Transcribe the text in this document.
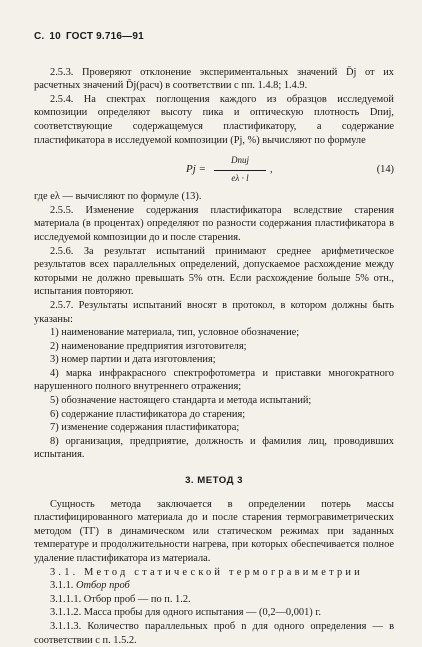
С. 10 ГОСТ 9.716—91

2.5.3. Проверяют отклонение экспериментальных значений D̄j от их расчетных значений D̄j(расч) в соответствии с пп. 1.4.8; 1.4.9.

2.5.4. На спектрах поглощения каждого из образцов исследуемой композиции определяют высоту пика и оптическую плотность Dпиj, соответствующие содержащемуся пластификатору, а содержание пластификатора в исследуемой композиции (Pj, %) вычисляют по формуле

Pj =
Dпиj
eλ · l
,	(14)

где eλ — вычисляют по формуле (13).

2.5.5. Изменение содержания пластификатора вследствие старения материала (в процентах) определяют по разности содержания пластификатора в исследуемой композиции до и после старения.

2.5.6. За результат испытаний принимают среднее арифметическое результатов всех параллельных определений, допускаемое расхождение между которыми не должно превышать 5% отн. Если расхождение больше 5% отн., испытания повторяют.

2.5.7. Результаты испытаний вносят в протокол, в котором должны быть указаны:

1) наименование материала, тип, условное обозначение;

2) наименование предприятия изготовителя;

3) номер партии и дата изготовления;

4) марка инфракрасного спектрофотометра и приставки многократного нарушенного полного внутреннего отражения;

5) обозначение настоящего стандарта и метода испытаний;

6) содержание пластификатора до старения;

7) изменение содержания пластификатора;

8) организация, предприятие, должность и фамилия лиц, проводивших испытания.

3. МЕТОД 3

Сущность метода заключается в определении потерь массы пластифицированного материала до и после старения термогравиметрических методом (ТГ) в динамическом или статическом режимах при заданных температуре и продолжительности нагрева, при которых обеспечивается полное удаление пластификатора из материала.

3.1. Метод статической термогравиметрии

3.1.1. Отбор проб

3.1.1.1. Отбор проб — по п. 1.2.

3.1.1.2. Масса пробы для одного испытания — (0,2—0,001) г.

3.1.1.3. Количество параллельных проб n для одного определения — в соответствии с п. 1.5.2.
